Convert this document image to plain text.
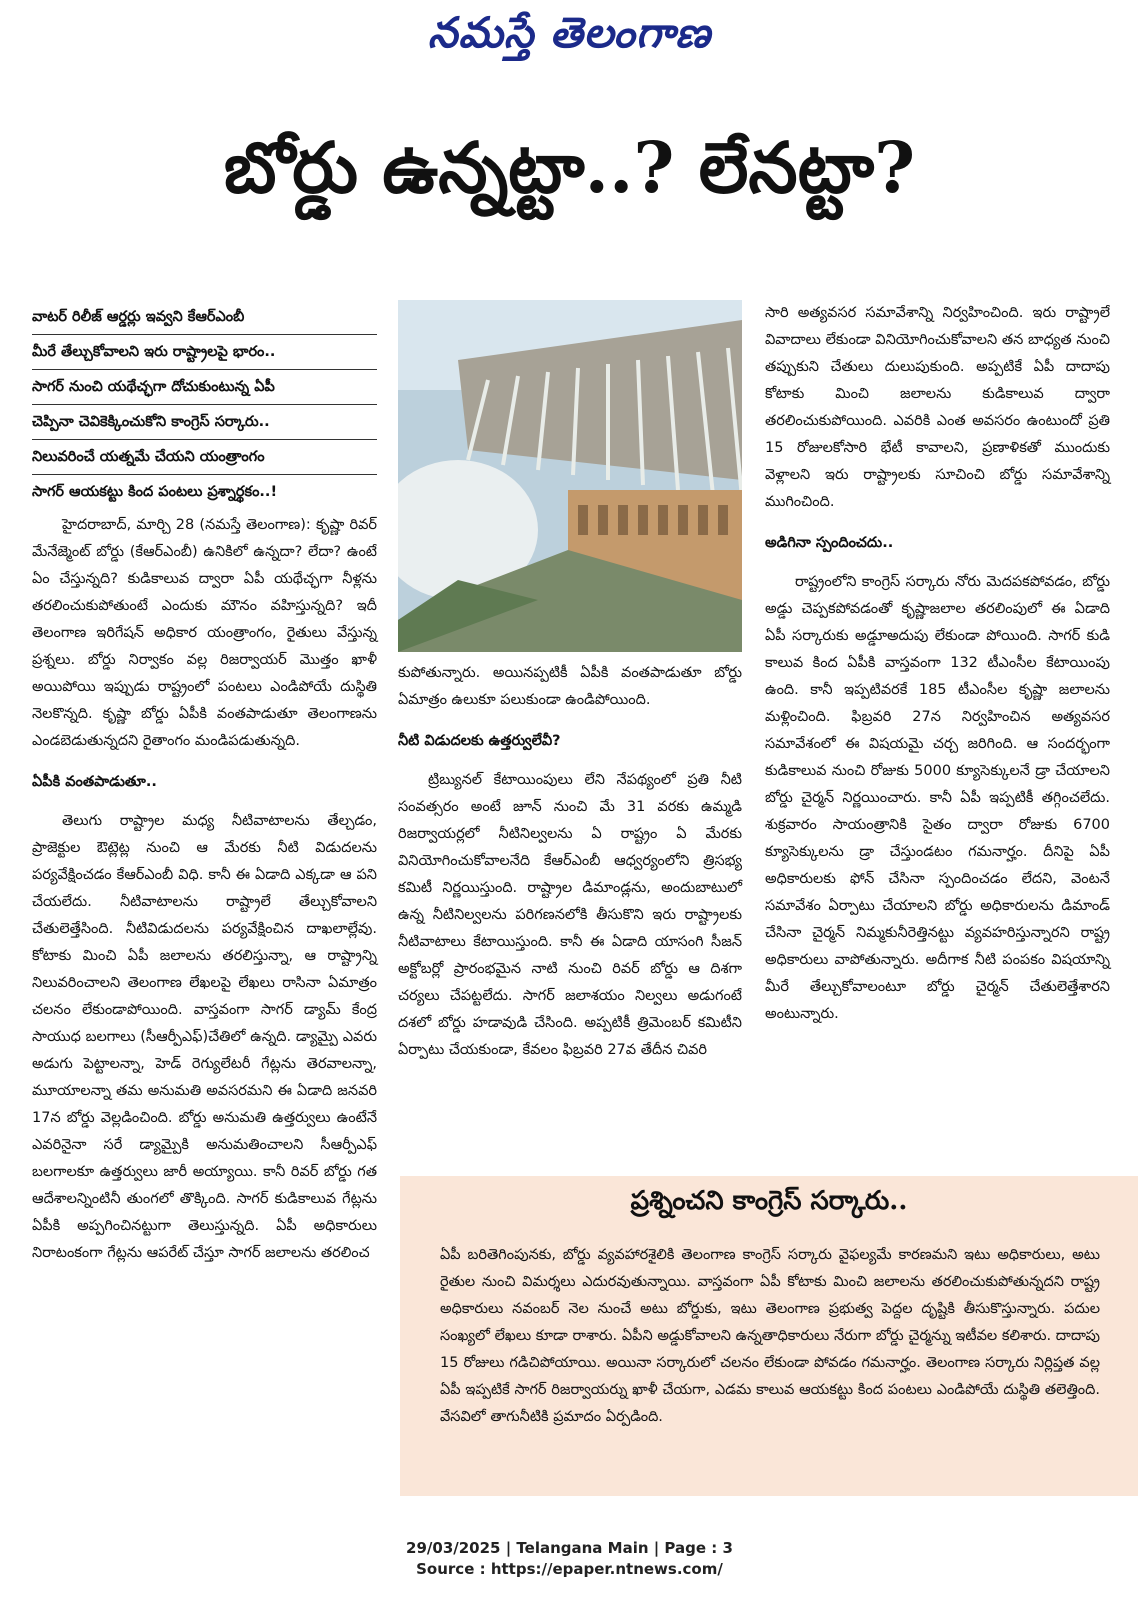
నమస్తే తెలంగాణ
బోర్డు ఉన్నట్టా..? లేనట్టా?
వాటర్ రిలీజ్ ఆర్డర్లు ఇవ్వని కేఆర్ఎంబీ
మీరే తేల్చుకోవాలని ఇరు రాష్ట్రాలపై భారం..
సాగర్ నుంచి యథేచ్ఛగా దోచుకుంటున్న ఏపీ
చెప్పినా చెవికెక్కించుకోని కాంగ్రెస్ సర్కారు..
నిలువరించే యత్నమే చేయని యంత్రాంగం
సాగర్ ఆయకట్టు కింద పంటలు ప్రశ్నార్థకం..!

హైదరాబాద్, మార్చి 28 (నమస్తే తెలంగాణ): కృష్ణా రివర్ మేనేజ్మెంట్ బోర్డు (కేఆర్ఎంబీ) ఉనికిలో ఉన్నదా? లేదా? ఉంటే ఏం చేస్తున్నది? కుడికాలువ ద్వారా ఏపీ యథేచ్ఛగా నీళ్లను తరలించుకుపోతుంటే ఎందుకు మౌనం వహిస్తున్నది? ఇదీ తెలంగాణ ఇరిగేషన్ అధికార యంత్రాంగం, రైతులు వేస్తున్న ప్రశ్నలు. బోర్డు నిర్వాకం వల్ల రిజర్వాయర్ మొత్తం ఖాళీ అయిపోయి ఇప్పుడు రాష్ట్రంలో పంటలు ఎండిపోయే దుస్థితి నెలకొన్నది. కృష్ణా బోర్డు ఏపీకి వంతపాడుతూ తెలంగాణను ఎండబెడుతున్నదని రైతాంగం మండిపడుతున్నది.

ఏపీకి వంతపాడుతూ..

తెలుగు రాష్ట్రాల మధ్య నీటివాటాలను తేల్చడం, ప్రాజెక్టుల ఔట్లెట్ల నుంచి ఆ మేరకు నీటి విడుదలను పర్యవేక్షించడం కేఆర్ఎంబీ విధి. కానీ ఈ ఏడాది ఎక్కడా ఆ పని చేయలేదు. నీటివాటాలను రాష్ట్రాలే తేల్చుకోవాలని చేతులెత్తేసింది. నీటివిడుదలను పర్యవేక్షించిన దాఖలాల్లేవు. కోటాకు మించి ఏపీ జలాలను తరలిస్తున్నా, ఆ రాష్ట్రాన్ని నిలువరించాలని తెలంగాణ లేఖలపై లేఖలు రాసినా ఏమాత్రం చలనం లేకుండాపోయింది. వాస్తవంగా సాగర్ డ్యామ్ కేంద్ర సాయుధ బలగాలు (సీఆర్పీఎఫ్)చేతిలో ఉన్నది. డ్యామ్పై ఎవరు అడుగు పెట్టాలన్నా, హెడ్ రెగ్యులేటరీ గేట్లను తెరవాలన్నా, మూయాలన్నా తమ అనుమతి అవసరమని ఈ ఏడాది జనవరి 17న బోర్డు వెల్లడించింది. బోర్డు అనుమతి ఉత్తర్వులు ఉంటేనే ఎవరినైనా సరే డ్యామ్పైకి అనుమతించాలని సీఆర్పీఎఫ్ బలగాలకూ ఉత్తర్వులు జారీ అయ్యాయి. కానీ రివర్ బోర్డు గత ఆదేశాలన్నింటినీ తుంగలో తొక్కింది. సాగర్ కుడికాలువ గేట్లను ఏపీకి అప్పగించినట్టుగా తెలుస్తున్నది. ఏపీ అధికారులు నిరాటంకంగా గేట్లను ఆపరేట్ చేస్తూ సాగర్ జలాలను తరలించ

కుపోతున్నారు. అయినప్పటికీ ఏపీకి వంతపాడుతూ బోర్డు ఏమాత్రం ఉలుకూ పలుకుండా ఉండిపోయింది.

నీటి విడుదలకు ఉత్తర్వులేవీ?

ట్రిబ్యునల్ కేటాయింపులు లేని నేపథ్యంలో ప్రతి నీటి సంవత్సరం అంటే జూన్ నుంచి మే 31 వరకు ఉమ్మడి రిజర్వాయర్లలో నీటినిల్వలను ఏ రాష్ట్రం ఏ మేరకు వినియోగించుకోవాలనేది కేఆర్ఎంబీ ఆధ్వర్యంలోని త్రిసభ్య కమిటీ నిర్ణయిస్తుంది. రాష్ట్రాల డిమాండ్లను, అందుబాటులో ఉన్న నీటినిల్వలను పరిగణనలోకి తీసుకొని ఇరు రాష్ట్రాలకు నీటివాటాలు కేటాయిస్తుంది. కానీ ఈ ఏడాది యాసంగి సీజన్ అక్టోబర్లో ప్రారంభమైన నాటి నుంచి రివర్ బోర్డు ఆ దిశగా చర్యలు చేపట్టలేదు. సాగర్ జలాశయం నిల్వలు అడుగంటే దశలో బోర్డు హడావుడి చేసింది. అప్పటికీ త్రిమెంబర్ కమిటీని ఏర్పాటు చేయకుండా, కేవలం ఫిబ్రవరి 27వ తేదీన చివరి

సారి అత్యవసర సమావేశాన్ని నిర్వహించింది. ఇరు రాష్ట్రాలే వివాదాలు లేకుండా వినియోగించుకోవాలని తన బాధ్యత నుంచి తప్పుకుని చేతులు దులుపుకుంది. అప్పటికే ఏపీ దాదాపు కోటాకు మించి జలాలను కుడికాలువ ద్వారా తరలించుకుపోయింది. ఎవరికి ఎంత అవసరం ఉంటుందో ప్రతి 15 రోజులకోసారి భేటీ కావాలని, ప్రణాళికతో ముందుకు వెళ్లాలని ఇరు రాష్ట్రాలకు సూచించి బోర్డు సమావేశాన్ని ముగించింది.

అడిగినా స్పందించదు..

రాష్ట్రంలోని కాంగ్రెస్ సర్కారు నోరు మెదపకపోవడం, బోర్డు అడ్డు చెప్పకపోవడంతో కృష్ణాజలాల తరలింపులో ఈ ఏడాది ఏపీ సర్కారుకు అడ్డూఅదుపు లేకుండా పోయింది. సాగర్ కుడి కాలువ కింద ఏపీకి వాస్తవంగా 132 టీఎంసీల కేటాయింపు ఉంది. కానీ ఇప్పటివరకే 185 టీఎంసీల కృష్ణా జలాలను మళ్లించింది. ఫిబ్రవరి 27న నిర్వహించిన అత్యవసర సమావేశంలో ఈ విషయమై చర్చ జరిగింది. ఆ సందర్భంగా కుడికాలువ నుంచి రోజుకు 5000 క్యూసెక్కులనే డ్రా చేయాలని బోర్డు చైర్మన్ నిర్ణయించారు. కానీ ఏపీ ఇప్పటికీ తగ్గించలేదు. శుక్రవారం సాయంత్రానికి సైతం ద్వారా రోజుకు 6700 క్యూసెక్కులను డ్రా చేస్తుండటం గమనార్హం. దీనిపై ఏపీ అధికారులకు ఫోన్ చేసినా స్పందించడం లేదని, వెంటనే సమావేశం ఏర్పాటు చేయాలని బోర్డు అధికారులను డిమాండ్ చేసినా చైర్మన్ నిమ్మకునీరెత్తినట్టు వ్యవహరిస్తున్నారని రాష్ట్ర అధికారులు వాపోతున్నారు. అదీగాక నీటి పంపకం విషయాన్ని మీరే తేల్చుకోవాలంటూ బోర్డు చైర్మన్ చేతులెత్తేశారని అంటున్నారు.

ప్రశ్నించని కాంగ్రెస్ సర్కారు..
ఏపీ బరితెగింపునకు, బోర్డు వ్యవహారశైలికి తెలంగాణ కాంగ్రెస్ సర్కారు వైఫల్యమే కారణమని ఇటు అధికారులు, అటు రైతుల నుంచి విమర్శలు ఎదురవుతున్నాయి. వాస్తవంగా ఏపీ కోటాకు మించి జలాలను తరలించుకుపోతున్నదని రాష్ట్ర అధికారులు నవంబర్ నెల నుంచే అటు బోర్డుకు, ఇటు తెలంగాణ ప్రభుత్వ పెద్దల దృష్టికి తీసుకొస్తున్నారు. పదుల సంఖ్యలో లేఖలు కూడా రాశారు. ఏపీని అడ్డుకోవాలని ఉన్నతాధికారులు నేరుగా బోర్డు చైర్మన్ను ఇటీవల కలిశారు. దాదాపు 15 రోజులు గడిచిపోయాయి. అయినా సర్కారులో చలనం లేకుండా పోవడం గమనార్హం. తెలంగాణ సర్కారు నిర్లిప్తత వల్ల ఏపీ ఇప్పటికే సాగర్ రిజర్వాయర్ను ఖాళీ చేయగా, ఎడమ కాలువ ఆయకట్టు కింద పంటలు ఎండిపోయే దుస్థితి తలెత్తింది. వేసవిలో తాగునీటికి ప్రమాదం ఏర్పడింది.
29/03/2025 | Telangana Main | Page : 3
Source : https://epaper.ntnews.com/
